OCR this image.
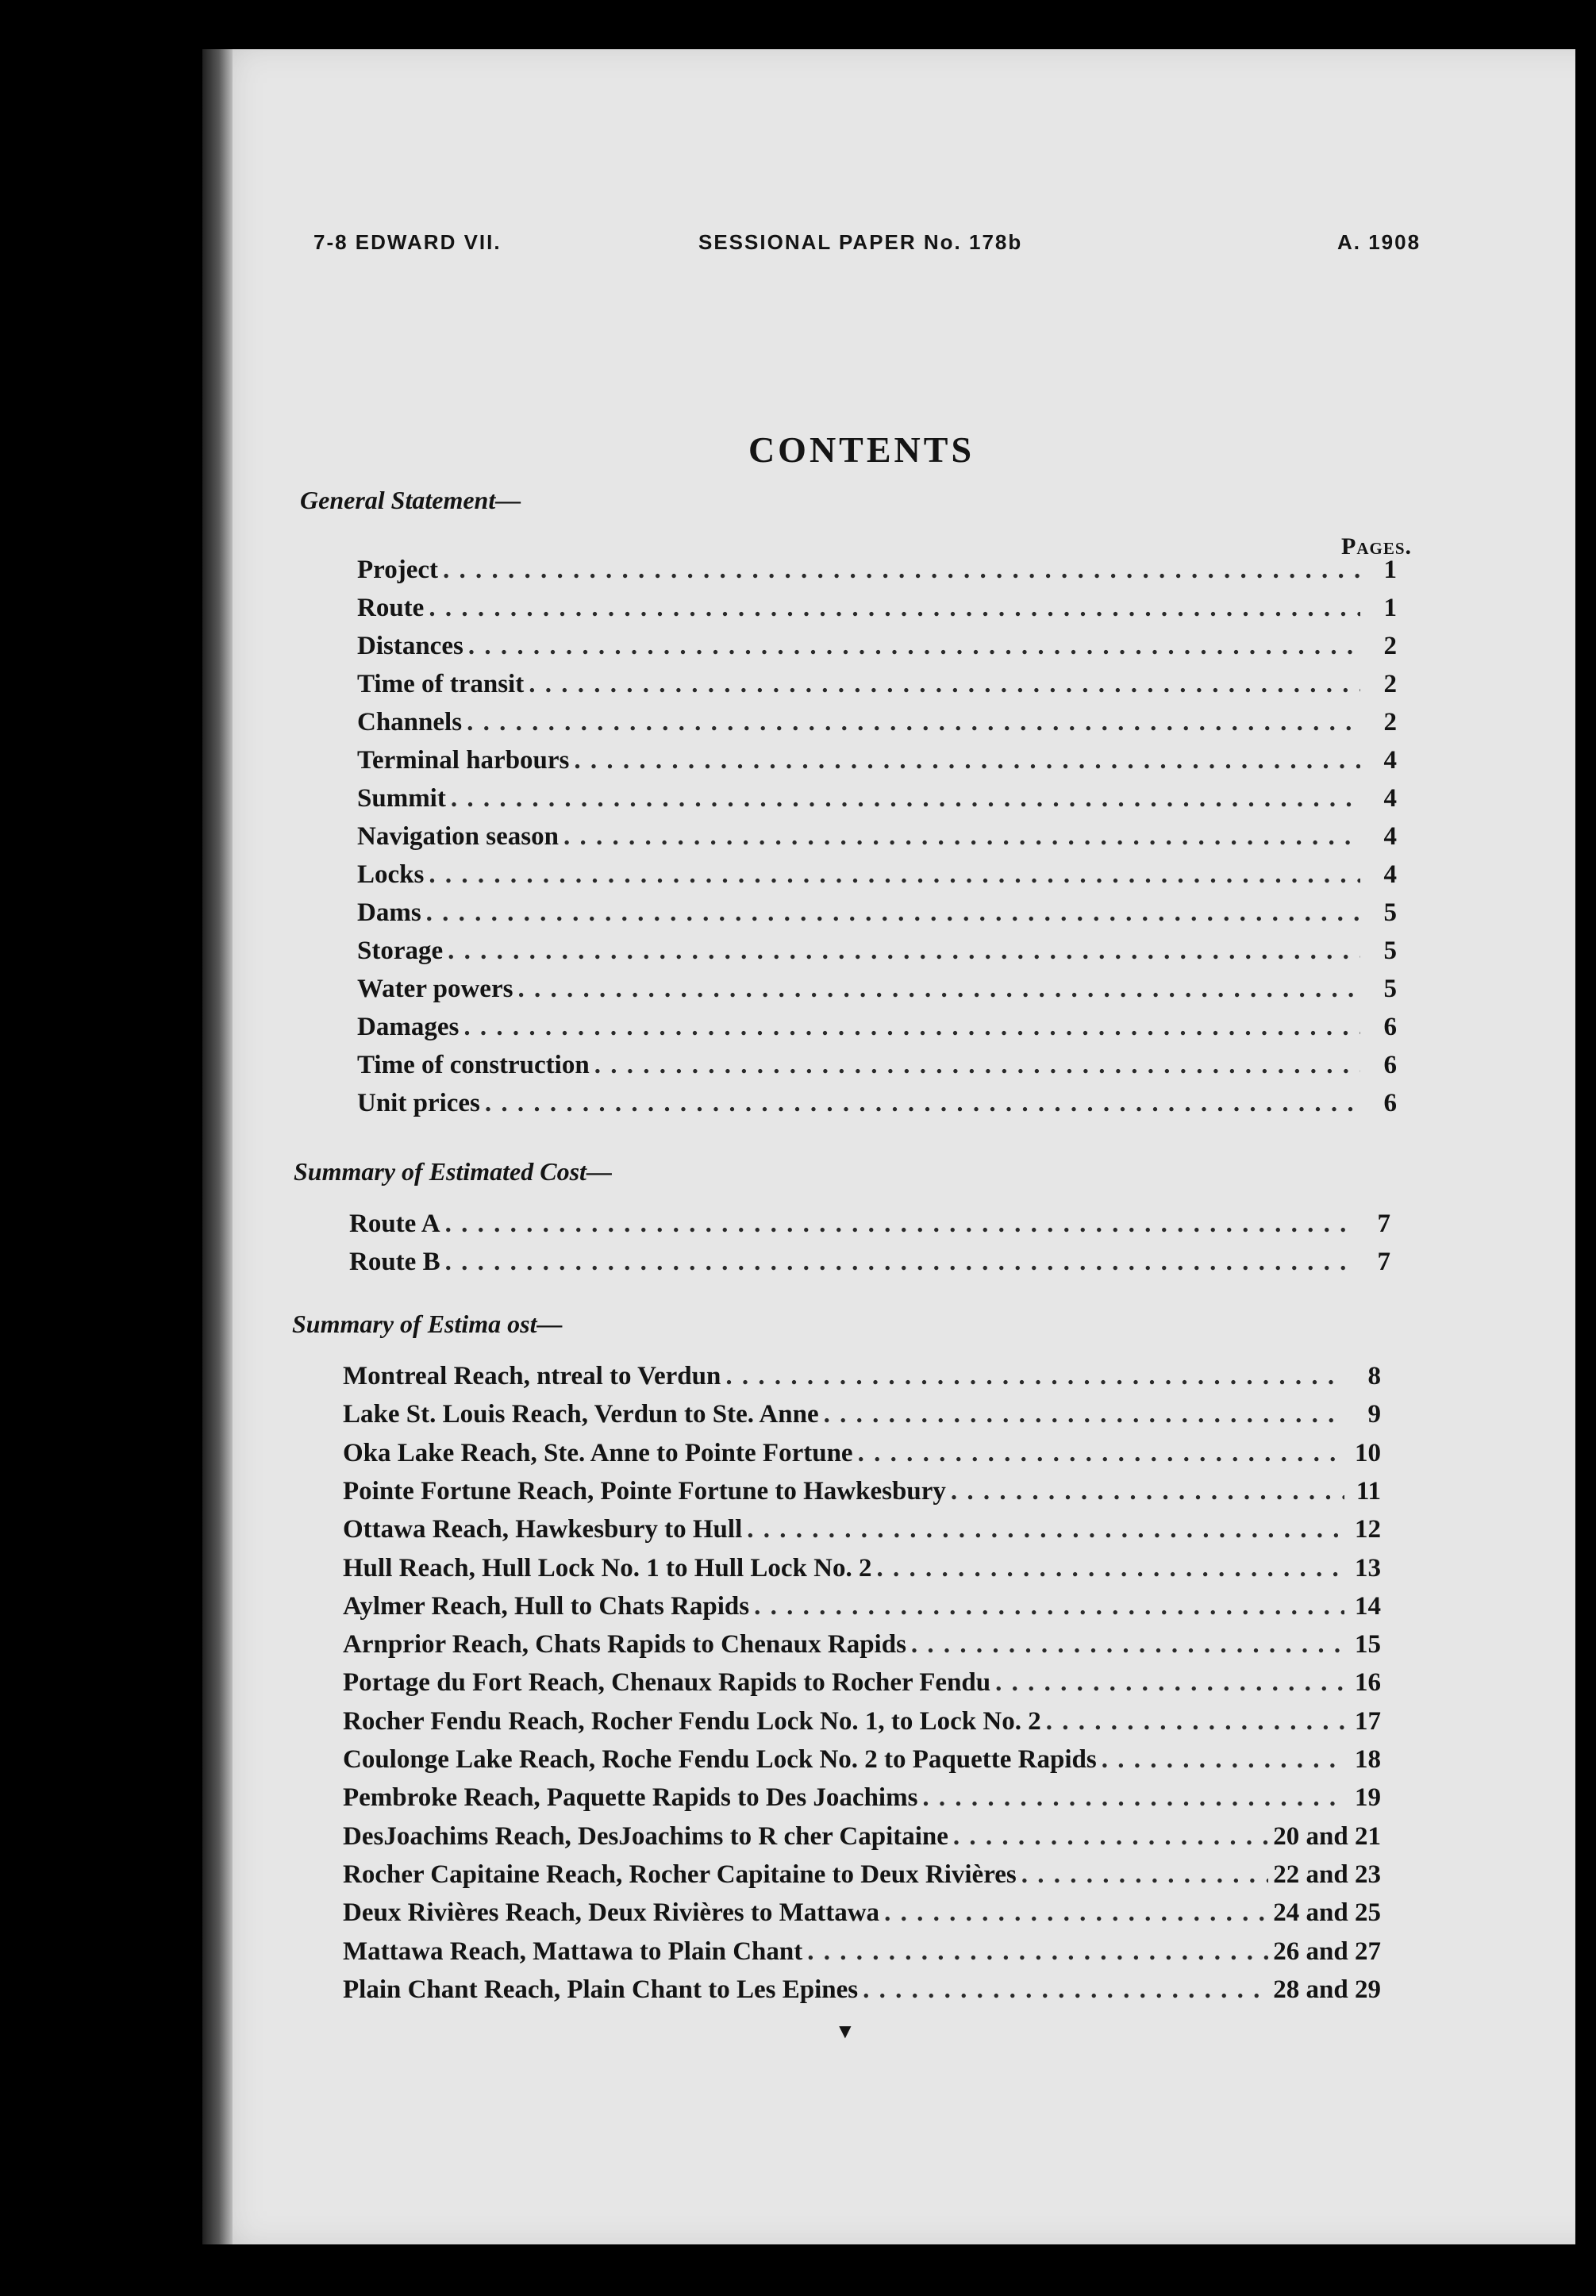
7-8 EDWARD VII.	SESSIONAL PAPER No. 178b	A. 1908
CONTENTS
General Statement—
Pages.
Summary of Estimated Cost—
Summary of Estima ost—
Project . . .	1
Route . . .	1
Distances . . .	2
Time of transit . . .	2
Channels . . .	2
Terminal harbours . . .	4
Summit . . .	4
Navigation season . . .	4
Locks . . .	4
Dams . . .	5
Storage . . .	5
Water powers . . .	5
Damages . . .	6
Time of construction . . .	6
Unit prices . . .	6
Route A . . .	7
Route B . . .	7
Montreal Reach, ntreal to Verdun . . .	8
Lake St. Louis Reach, Verdun to Ste. Anne . . .	9
Oka Lake Reach, Ste. Anne to Pointe Fortune . . .	10
Pointe Fortune Reach, Pointe Fortune to Hawkesbury . . .	11
Ottawa Reach, Hawkesbury to Hull . . .	12
Hull Reach, Hull Lock No. 1 to Hull Lock No. 2 . . .	13
Aylmer Reach, Hull to Chats Rapids . . .	14
Arnprior Reach, Chats Rapids to Chenaux Rapids . . .	15
Portage du Fort Reach, Chenaux Rapids to Rocher Fendu . . .	16
Rocher Fendu Reach, Rocher Fendu Lock No. 1, to Lock No. 2 . . .	17
Coulonge Lake Reach, Roche Fendu Lock No. 2 to Paquette Rapids . . .	18
Pembroke Reach, Paquette Rapids to Des Joachims . . .	19
DesJoachims Reach, DesJoachims to R cher Capitaine . . .	20 and 21
Rocher Capitaine Reach, Rocher Capitaine to Deux Rivières . . .	22 and 23
Deux Rivières Reach, Deux Rivières to Mattawa . . .	24 and 25
Mattawa Reach, Mattawa to Plain Chant . . .	26 and 27
Plain Chant Reach, Plain Chant to Les Epines . . .	28 and 29
▼
